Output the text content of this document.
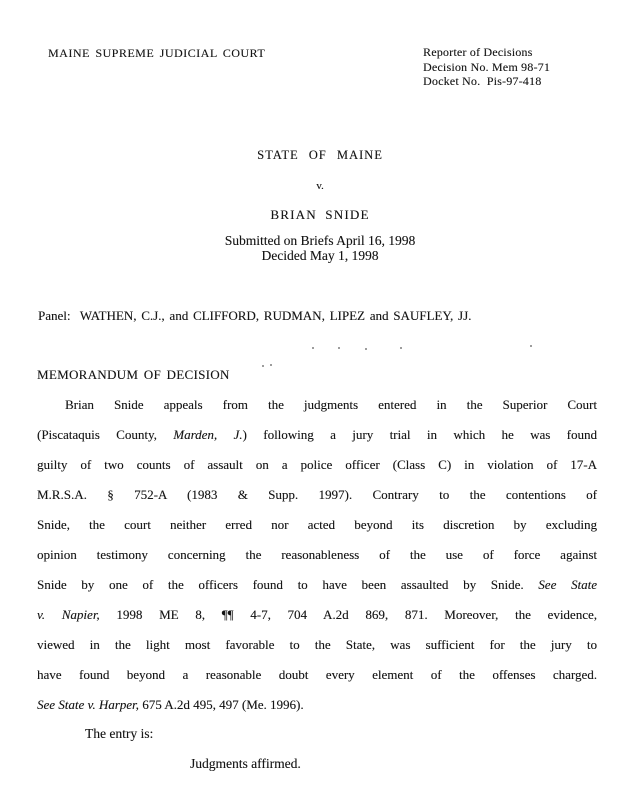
MAINE SUPREME JUDICIAL COURT	Reporter of Decisions
Decision No. Mem 98-71
Docket No.  Pis-97-418
STATE OF MAINE
v.
BRIAN SNIDE
Submitted on Briefs April 16, 1998
Decided May 1, 1998
Panel:  WATHEN, C.J., and CLIFFORD, RUDMAN, LIPEZ and SAUFLEY, JJ.
MEMORANDUM OF DECISION
Brian Snide appeals from the judgments entered in the Superior Court
(Piscataquis County, Marden, J.) following a jury trial in which he was found
guilty of two counts of assault on a police officer (Class C) in violation of 17-A
M.R.S.A. § 752-A (1983 & Supp. 1997). Contrary to the contentions of
Snide, the court neither erred nor acted beyond its discretion by excluding
opinion testimony concerning the reasonableness of the use of force against
Snide by one of the officers found to have been assaulted by Snide. See State
v. Napier, 1998 ME 8, ¶¶ 4-7, 704 A.2d 869, 871. Moreover, the evidence,
viewed in the light most favorable to the State, was sufficient for the jury to
have found beyond a reasonable doubt every element of the offenses charged.
See State v. Harper, 675 A.2d 495, 497 (Me. 1996).
The entry is:
Judgments affirmed.
